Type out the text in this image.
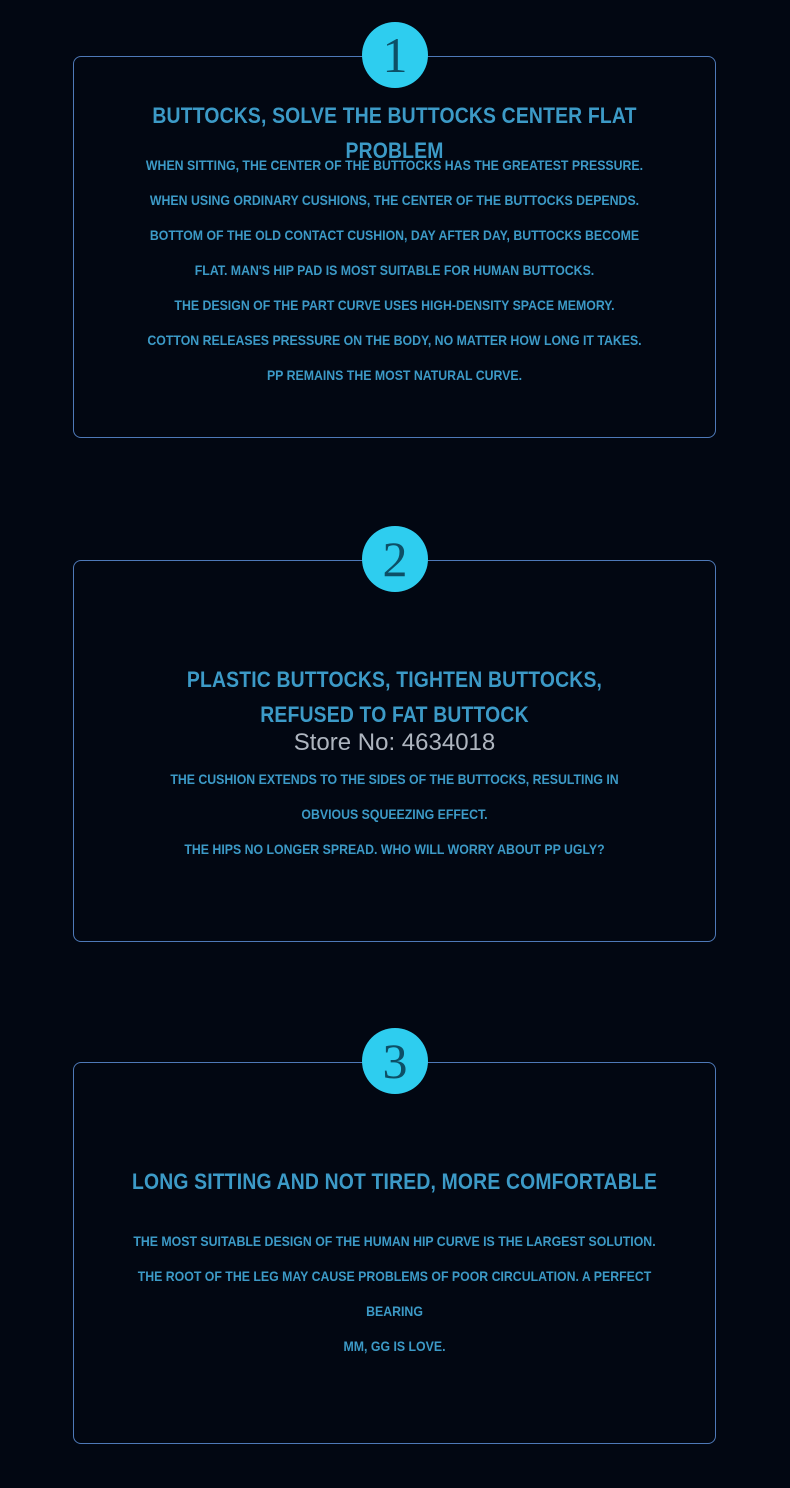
1
BUTTOCKS, SOLVE THE BUTTOCKS CENTER FLAT PROBLEM
WHEN SITTING, THE CENTER OF THE BUTTOCKS HAS THE GREATEST PRESSURE.
WHEN USING ORDINARY CUSHIONS, THE CENTER OF THE BUTTOCKS DEPENDS.
BOTTOM OF THE OLD CONTACT CUSHION, DAY AFTER DAY, BUTTOCKS BECOME
FLAT. MAN'S HIP PAD IS MOST SUITABLE FOR HUMAN BUTTOCKS.
THE DESIGN OF THE PART CURVE USES HIGH-DENSITY SPACE MEMORY.
COTTON RELEASES PRESSURE ON THE BODY, NO MATTER HOW LONG IT TAKES.
PP REMAINS THE MOST NATURAL CURVE.
2
PLASTIC BUTTOCKS, TIGHTEN BUTTOCKS,
REFUSED TO FAT BUTTOCK
Store No: 4634018
THE CUSHION EXTENDS TO THE SIDES OF THE BUTTOCKS, RESULTING IN
OBVIOUS SQUEEZING EFFECT.
THE HIPS NO LONGER SPREAD. WHO WILL WORRY ABOUT PP UGLY?
3
LONG SITTING AND NOT TIRED, MORE COMFORTABLE
THE MOST SUITABLE DESIGN OF THE HUMAN HIP CURVE IS THE LARGEST SOLUTION.
THE ROOT OF THE LEG MAY CAUSE PROBLEMS OF POOR CIRCULATION. A PERFECT BEARING
MM, GG IS LOVE.
